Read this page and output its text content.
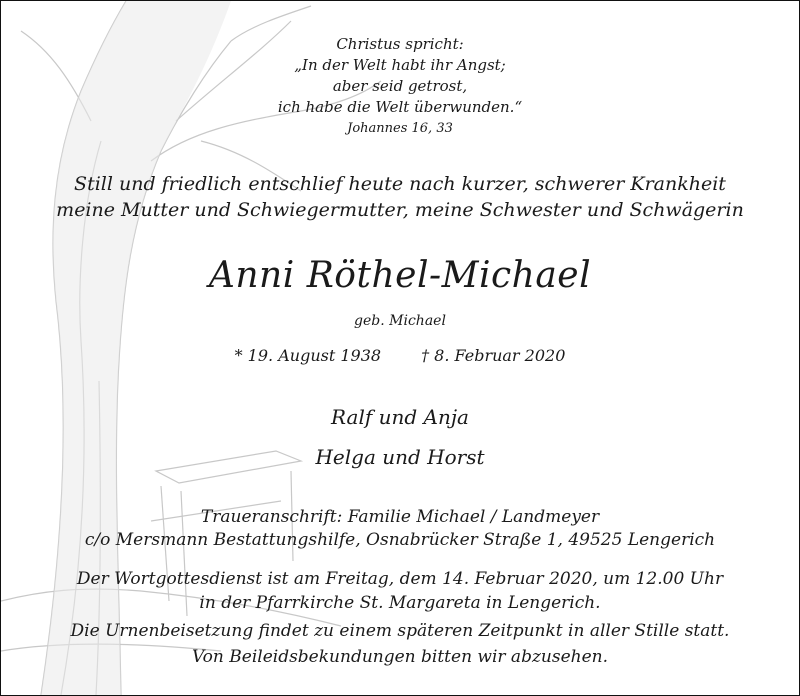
Christus spricht:
„In der Welt habt ihr Angst;
aber seid getrost,
ich habe die Welt überwunden.“
Johannes 16, 33
Still und friedlich entschlief heute nach kurzer, schwerer Krankheit
meine Mutter und Schwiegermutter, meine Schwester und Schwägerin
Anni Röthel-Michael
geb. Michael
* 19. August 1938	† 8. Februar 2020
Ralf und Anja
Helga und Horst
Traueranschrift: Familie Michael / Landmeyer
c/o Mersmann Bestattungshilfe, Osnabrücker Straße 1, 49525 Lengerich
Der Wortgottesdienst ist am Freitag, dem 14. Februar 2020, um 12.00 Uhr
in der Pfarrkirche St. Margareta in Lengerich.
Die Urnenbeisetzung findet zu einem späteren Zeitpunkt in aller Stille statt.
Von Beileidsbekundungen bitten wir abzusehen.
